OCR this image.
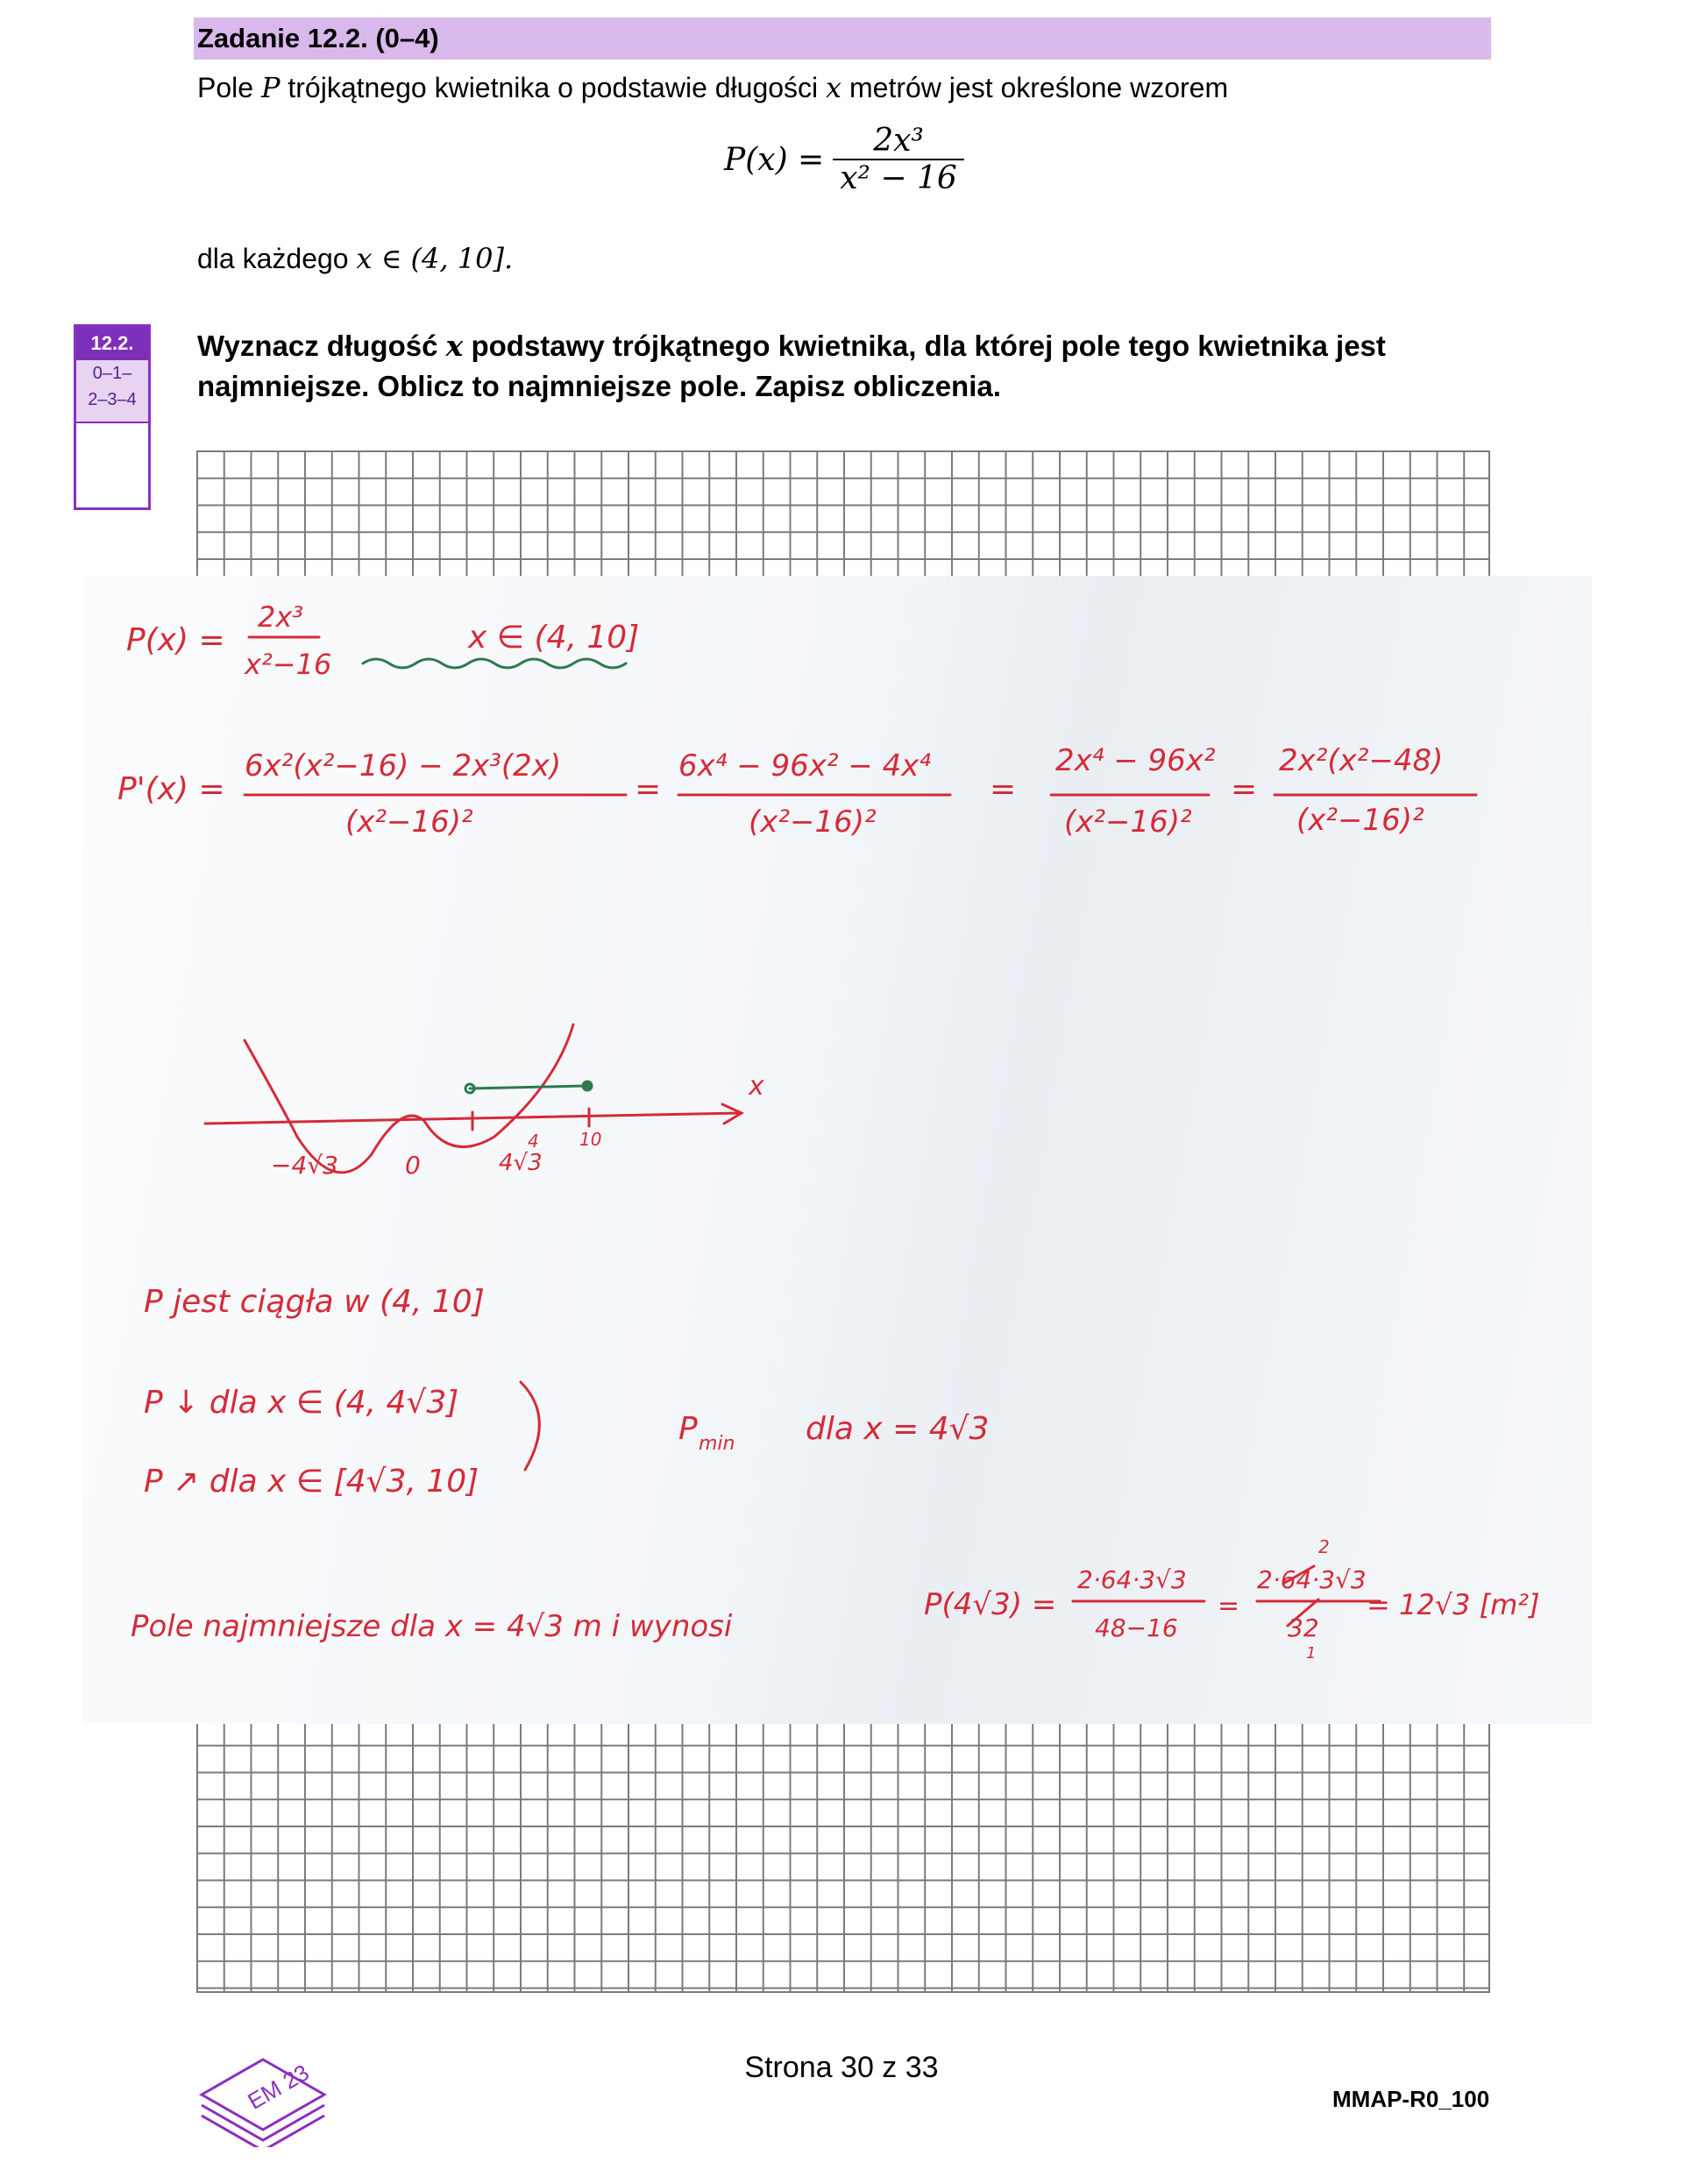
Zadanie 12.2. (0–4)
Pole P trójkątnego kwietnika o podstawie długości x metrów jest określone wzorem
P(x) =	2x³
x² − 16
dla każdego x ∈ (4, 10].
12.2.
0–1–
2–3–4
Wyznacz długość x podstawy trójkątnego kwietnika, dla której pole tego kwietnika jest najmniejsze. Oblicz to najmniejsze pole. Zapisz obliczenia.
P(x) =
2x³
x²−16
x ∈ (4, 10]
P'(x) =
6x²(x²−16) − 2x³(2x)
(x²−16)²
=
6x⁴ − 96x² − 4x⁴
(x²−16)²
=
2x⁴ − 96x²
(x²−16)²
=
2x²(x²−48)
(x²−16)²
x
−4√3	0
4
4√3
10
P jest ciągła w (4, 10]
P ↓ dla x ∈ (4, 4√3]
P ↗ dla x ∈ [4√3, 10]
P min dla x = 4√3
Pole najmniejsze dla x = 4√3 m i wynosi
P(4√3) =
2·64·3√3
48−16
=
2
2·64·3√3
32
1
= 12√3 [m²]
EM 23	Strona 30 z 33
MMAP-R0_100
